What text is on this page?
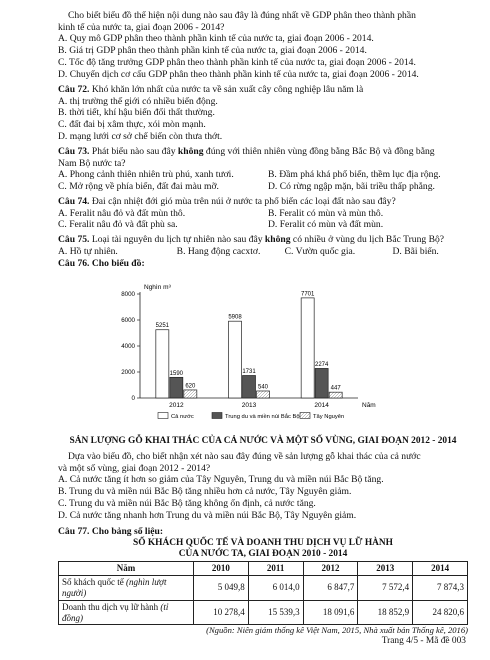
Cho biết biểu đồ thể hiện nội dung nào sau đây là đúng nhất về GDP phân theo thành phần
kinh tế của nước ta, giai đoạn 2006 - 2014?
A. Quy mô GDP phân theo thành phần kinh tế của nước ta, giai đoạn 2006 - 2014.
B. Giá trị GDP phân theo thành phần kinh tế của nước ta, giai đoạn 2006 - 2014.
C. Tốc độ tăng trưởng GDP phân theo thành phần kinh tế của nước ta, giai đoạn 2006 - 2014.
D. Chuyển dịch cơ cấu GDP phân theo thành phần kinh tế của nước ta, giai đoạn 2006 - 2014.
Câu 72. Khó khăn lớn nhất của nước ta về sản xuất cây công nghiệp lâu năm là
A. thị trường thế giới có nhiều biến động.
B. thời tiết, khí hậu biến đổi thất thường.
C. đất đai bị xâm thực, xói mòn mạnh.
D. mạng lưới cơ sở chế biến còn thưa thớt.
Câu 73. Phát biểu nào sau đây không đúng với thiên nhiên vùng đồng bằng Bắc Bộ và đồng bằng
Nam Bộ nước ta?
A. Phong cảnh thiên nhiên trù phú, xanh tươi.	B. Đầm phá khá phổ biến, thềm lục địa rộng.
C. Mở rộng về phía biển, đất đai màu mỡ.	D. Có rừng ngập mặn, bãi triều thấp phẳng.
Câu 74. Đai cận nhiệt đới gió mùa trên núi ở nước ta phổ biến các loại đất nào sau đây?
A. Feralit nâu đỏ và đất mùn thô.	B. Feralit có mùn và mùn thô.
C. Feralit nâu đỏ và đất phù sa.	D. Feralit có mùn và đất mùn.
Câu 75. Loại tài nguyên du lịch tự nhiên nào sau đây không có nhiều ở vùng du lịch Bắc Trung Bộ?
A. Hồ tự nhiên.	B. Hang động cacxtơ.	C. Vườn quốc gia.	D. Bãi biển.
Câu 76. Cho biểu đồ:
Nghìn m³
0
2000
4000
6000
8000
Năm
5251
1590
620
2012
5908
1731
540
2013
7701
2274
447
2014
Cả nước	Trung du và miền núi Bắc Bộ Tây Nguyên
SẢN LƯỢNG GỖ KHAI THÁC CỦA CẢ NƯỚC VÀ MỘT SỐ VÙNG, GIAI ĐOẠN 2012 - 2014
Dựa vào biểu đồ, cho biết nhận xét nào sau đây đúng về sản lượng gỗ khai thác của cả nước
và một số vùng, giai đoạn 2012 - 2014?
A. Cả nước tăng ít hơn so giảm của Tây Nguyên, Trung du và miền núi Bắc Bộ tăng.
B. Trung du và miền núi Bắc Bộ tăng nhiều hơn cả nước, Tây Nguyên giảm.
C. Trung du và miền núi Bắc Bộ tăng không ổn định, cả nước tăng.
D. Cả nước tăng nhanh hơn Trung du và miền núi Bắc Bộ, Tây Nguyên giảm.
Câu 77. Cho bảng số liệu:
SỐ KHÁCH QUỐC TẾ VÀ DOANH THU DỊCH VỤ LỮ HÀNH
CỦA NƯỚC TA, GIAI ĐOẠN 2010 - 2014
Năm	2010	2011	2012	2013	2014
Số khách quốc tế (nghìn lượt người)	5 049,8	6 014,0	6 847,7	7 572,4	7 874,3
Doanh thu dịch vụ lữ hành (tỉ đồng)	10 278,4	15 539,3	18 091,6	18 852,9	24 820,6
(Nguồn: Niên giám thống kê Việt Nam, 2015, Nhà xuất bản Thống kê, 2016)
Trang 4/5 - Mã đề 003
